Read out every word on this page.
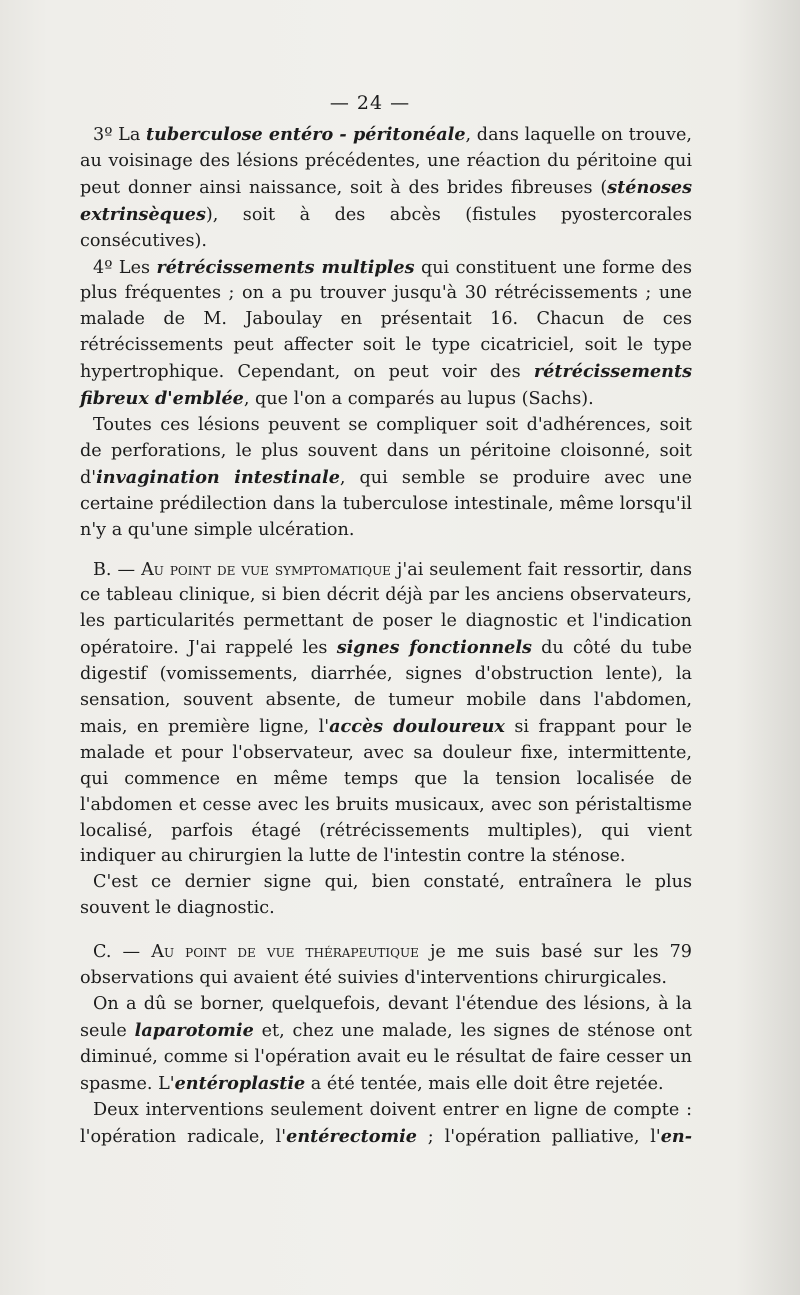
— 24 —

3º La tuberculose entéro - péritonéale, dans laquelle on trouve, au voisinage des lésions précédentes, une réaction du péritoine qui peut donner ainsi naissance, soit à des brides fibreuses (sténoses extrinsèques), soit à des abcès (fistules pyostercorales consécutives).

4º Les rétrécissements multiples qui constituent une forme des plus fréquentes ; on a pu trouver jusqu'à 30 rétrécissements ; une malade de M. Jaboulay en présentait 16. Chacun de ces rétrécissements peut affecter soit le type cicatriciel, soit le type hypertrophique. Cependant, on peut voir des rétrécissements fibreux d'emblée, que l'on a comparés au lupus (Sachs).

Toutes ces lésions peuvent se compliquer soit d'adhérences, soit de perforations, le plus souvent dans un péritoine cloisonné, soit d'invagination intestinale, qui semble se produire avec une certaine prédilection dans la tuberculose intestinale, même lorsqu'il n'y a qu'une simple ulcération.

B. — Au point de vue symptomatique j'ai seulement fait ressortir, dans ce tableau clinique, si bien décrit déjà par les anciens observateurs, les particularités permettant de poser le diagnostic et l'indication opératoire. J'ai rappelé les signes fonctionnels du côté du tube digestif (vomissements, diarrhée, signes d'obstruction lente), la sensation, souvent absente, de tumeur mobile dans l'abdomen, mais, en première ligne, l'accès douloureux si frappant pour le malade et pour l'observateur, avec sa douleur fixe, intermittente, qui commence en même temps que la tension localisée de l'abdomen et cesse avec les bruits musicaux, avec son péristaltisme localisé, parfois étagé (rétrécissements multiples), qui vient indiquer au chirurgien la lutte de l'intestin contre la sténose.

C'est ce dernier signe qui, bien constaté, entraînera le plus souvent le diagnostic.

C. — Au point de vue thérapeutique je me suis basé sur les 79 observations qui avaient été suivies d'interventions chirurgicales.

On a dû se borner, quelquefois, devant l'étendue des lésions, à la seule laparotomie et, chez une malade, les signes de sténose ont diminué, comme si l'opération avait eu le résultat de faire cesser un spasme. L'entéroplastie a été tentée, mais elle doit être rejetée.

Deux interventions seulement doivent entrer en ligne de compte : l'opération radicale, l'entérectomie ; l'opération palliative, l'en-
